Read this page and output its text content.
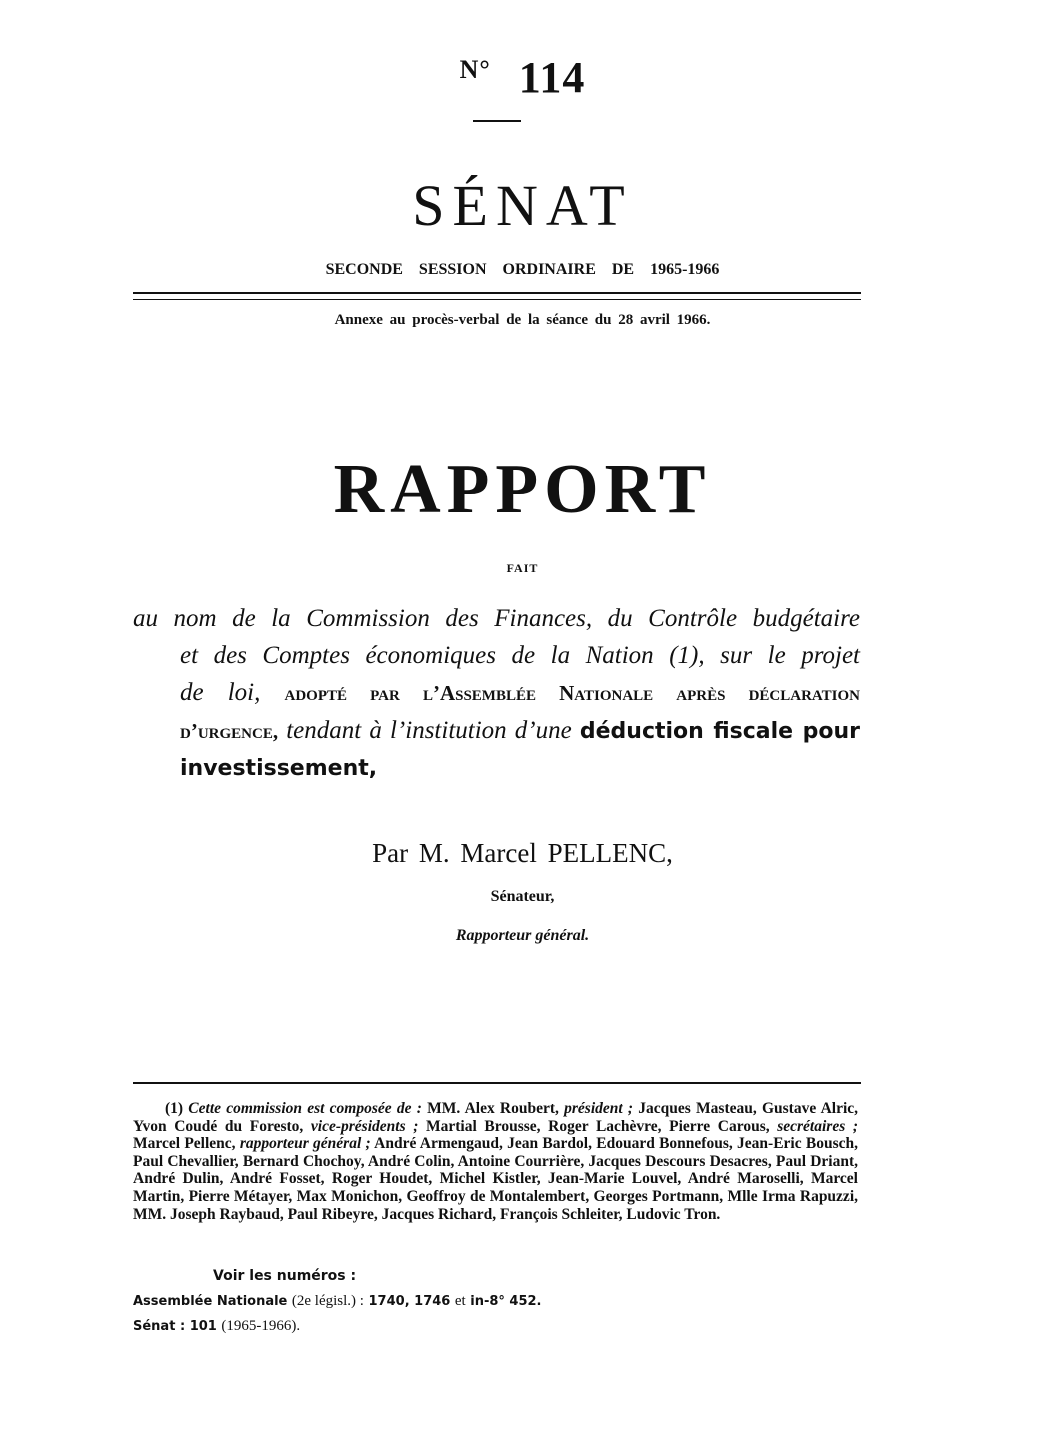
$^{N^\circ}$ 114
SÉNAT
SECONDE SESSION ORDINAIRE DE 1965-1966
Annexe au procès-verbal de la séance du 28 avril 1966.
RAPPORT
FAIT
au nom de la Commission des Finances, du Contrôle budgétaire
et des Comptes économiques de la Nation (1), sur le projet
de loi, adopté par l’Assemblée Nationale après déclaration
d’urgence, tendant à l’institution d’une déduction fiscale pour
investissement,
Par M. Marcel PELLENC,
Sénateur,
Rapporteur général.
(1) Cette commission est composée de : MM. Alex Roubert, président ; Jacques Masteau, Gustave Alric, Yvon Coudé du Foresto, vice-présidents ; Martial Brousse, Roger Lachèvre, Pierre Carous, secrétaires ; Marcel Pellenc, rapporteur général ; André Armengaud, Jean Bardol, Edouard Bonnefous, Jean-Eric Bousch, Paul Chevallier, Bernard Chochoy, André Colin, Antoine Courrière, Jacques Descours Desacres, Paul Driant, André Dulin, André Fosset, Roger Houdet, Michel Kistler, Jean-Marie Louvel, André Maroselli, Marcel Martin, Pierre Métayer, Max Monichon, Geoffroy de Montalembert, Georges Portmann, Mlle Irma Rapuzzi, MM. Joseph Raybaud, Paul Ribeyre, Jacques Richard, François Schleiter, Ludovic Tron.
Voir les numéros :
Assemblée Nationale (2e législ.) : 1740, 1746 et in-8° 452.
Sénat : 101 (1965-1966).
